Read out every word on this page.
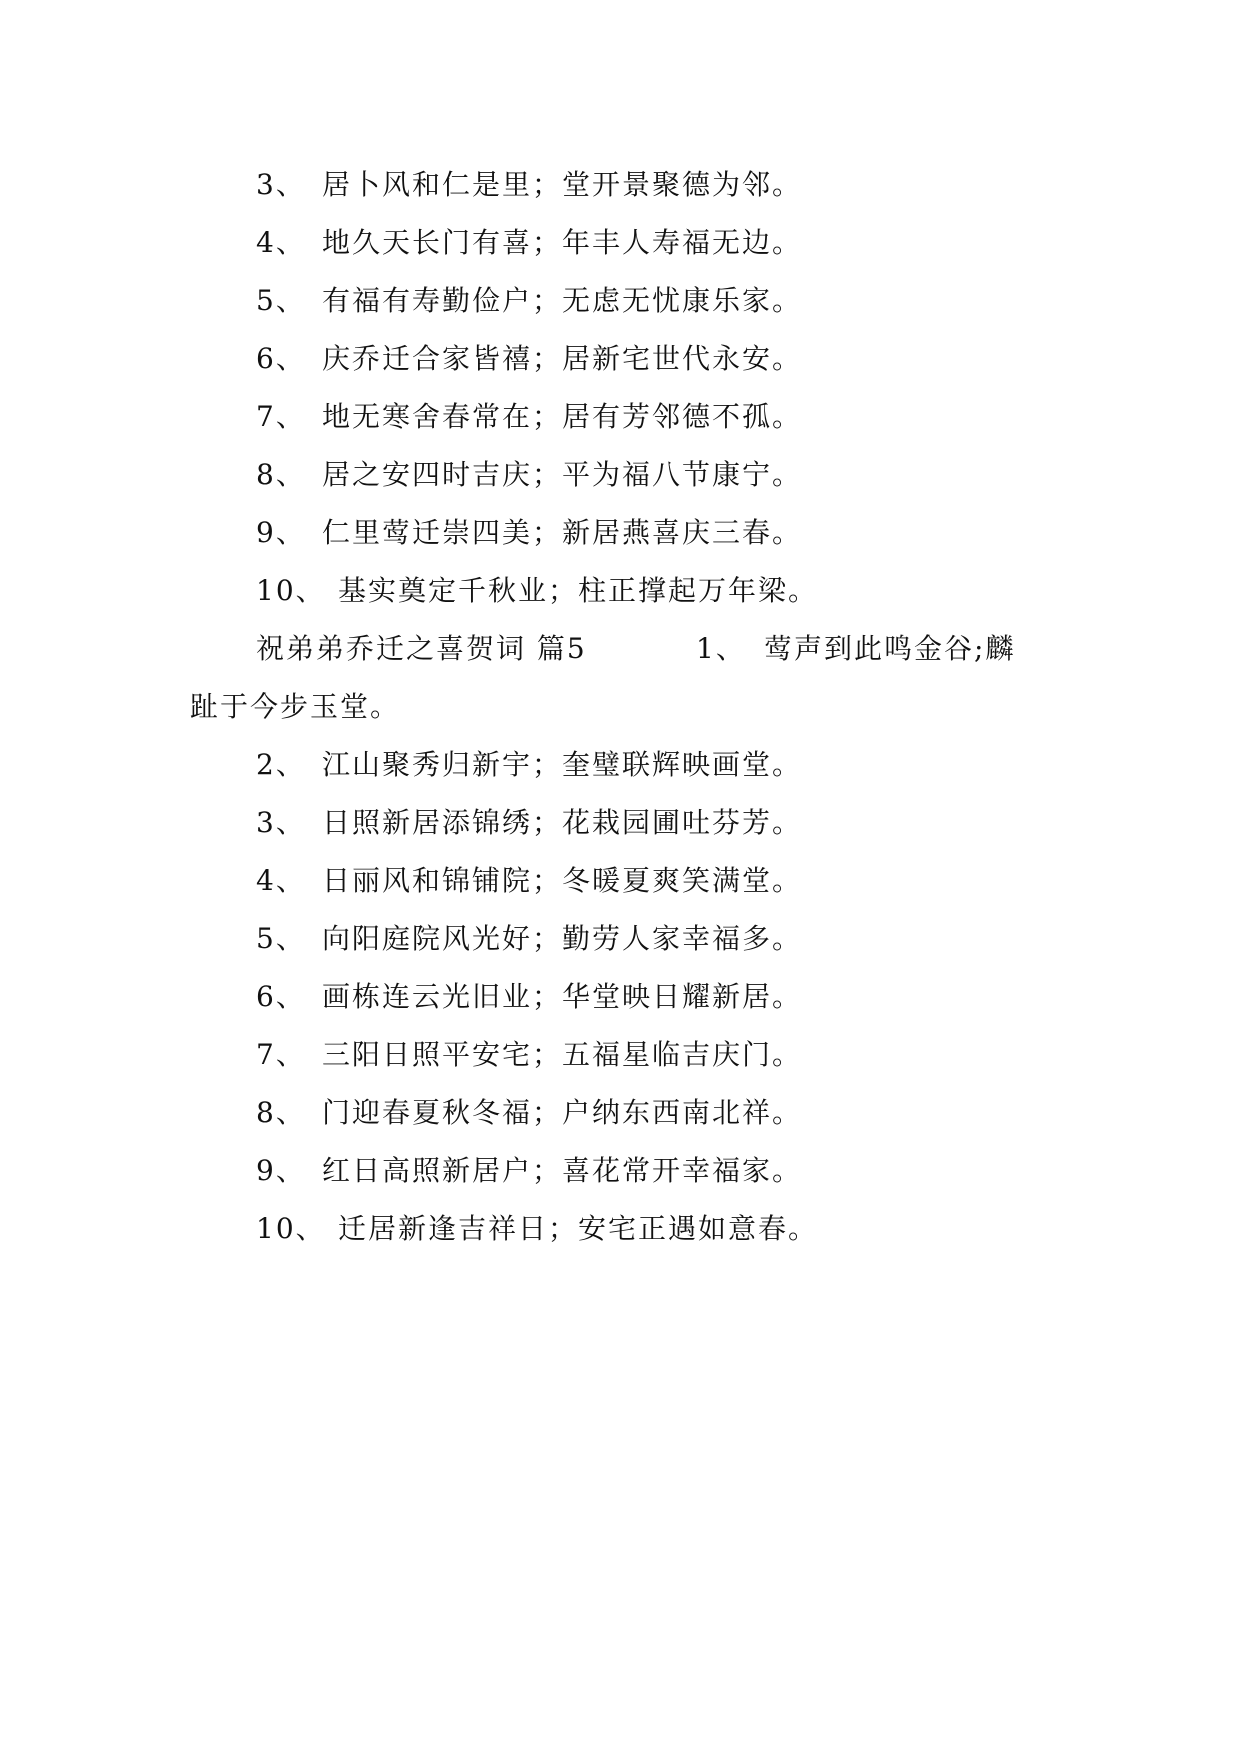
3、 居卜风和仁是里；堂开景聚德为邻。
4、 地久天长门有喜；年丰人寿福无边。
5、 有福有寿勤俭户；无虑无忧康乐家。
6、 庆乔迁合家皆禧；居新宅世代永安。
7、 地无寒舍春常在；居有芳邻德不孤。
8、 居之安四时吉庆；平为福八节康宁。
9、 仁里莺迁崇四美；新居燕喜庆三春。
10、 基实奠定千秋业；柱正撑起万年梁。
祝弟弟乔迁之喜贺词 篇5	1、 莺声到此鸣金谷;麟
趾于今步玉堂。
2、 江山聚秀归新宇；奎璧联辉映画堂。
3、 日照新居添锦绣；花栽园圃吐芬芳。
4、 日丽风和锦铺院；冬暖夏爽笑满堂。
5、 向阳庭院风光好；勤劳人家幸福多。
6、 画栋连云光旧业；华堂映日耀新居。
7、 三阳日照平安宅；五福星临吉庆门。
8、 门迎春夏秋冬福；户纳东西南北祥。
9、 红日高照新居户；喜花常开幸福家。
10、 迁居新逢吉祥日；安宅正遇如意春。
